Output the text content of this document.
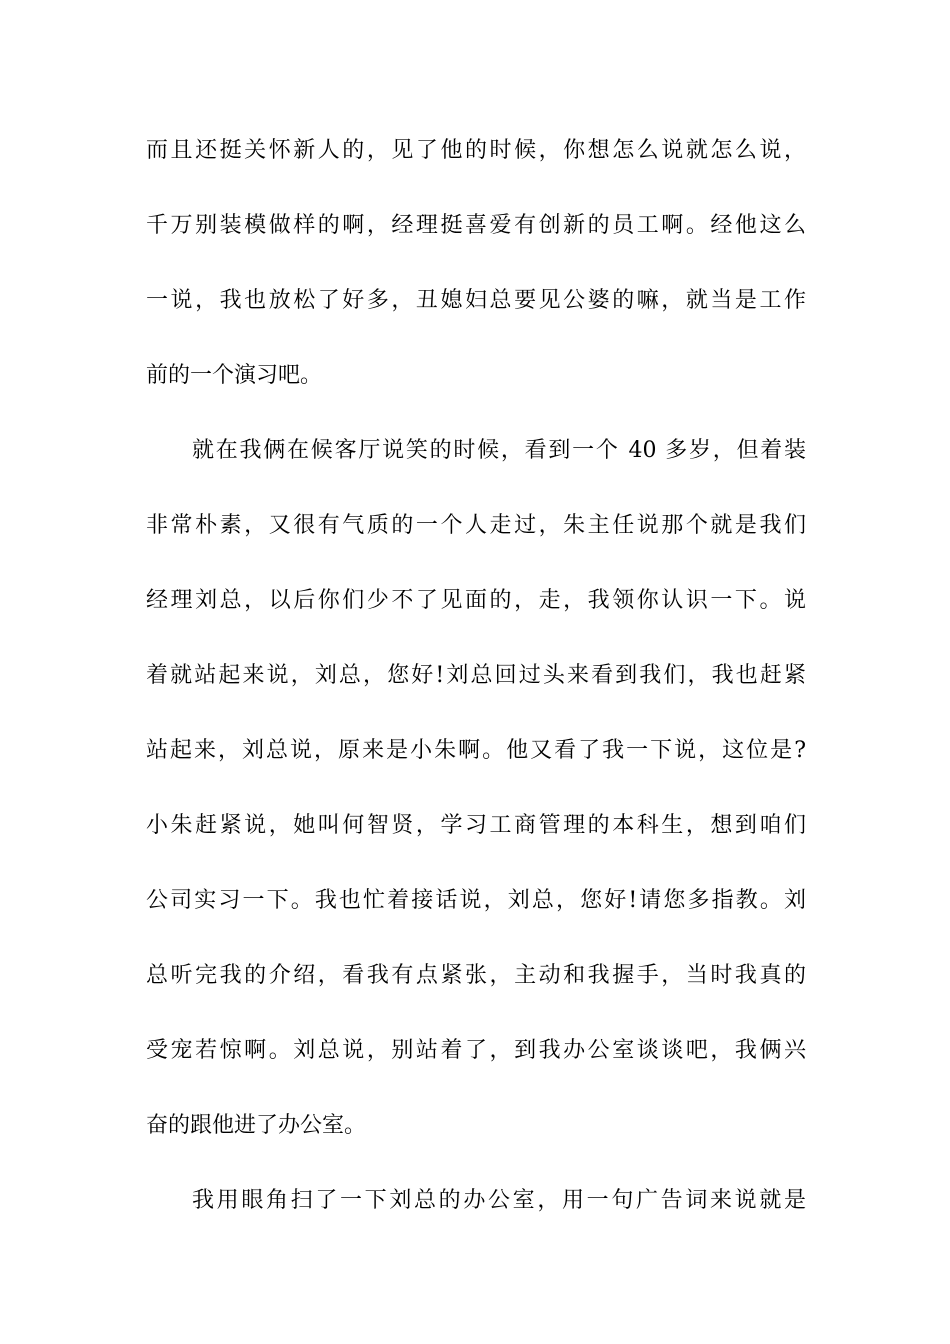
而且还挺关怀新人的，见了他的时候，你想怎么说就怎么说，
千万别装模做样的啊，经理挺喜爱有创新的员工啊。经他这么
一说，我也放松了好多，丑媳妇总要见公婆的嘛，就当是工作
前的一个演习吧。
就在我俩在候客厅说笑的时候，看到一个 40 多岁，但着装
非常朴素，又很有气质的一个人走过，朱主任说那个就是我们
经理刘总，以后你们少不了见面的，走，我领你认识一下。说
着就站起来说，刘总，您好!刘总回过头来看到我们，我也赶紧
站起来，刘总说，原来是小朱啊。他又看了我一下说，这位是?
小朱赶紧说，她叫何智贤，学习工商管理的本科生，想到咱们
公司实习一下。我也忙着接话说，刘总，您好!请您多指教。刘
总听完我的介绍，看我有点紧张，主动和我握手，当时我真的
受宠若惊啊。刘总说，别站着了，到我办公室谈谈吧，我俩兴
奋的跟他进了办公室。
我用眼角扫了一下刘总的办公室，用一句广告词来说就是
